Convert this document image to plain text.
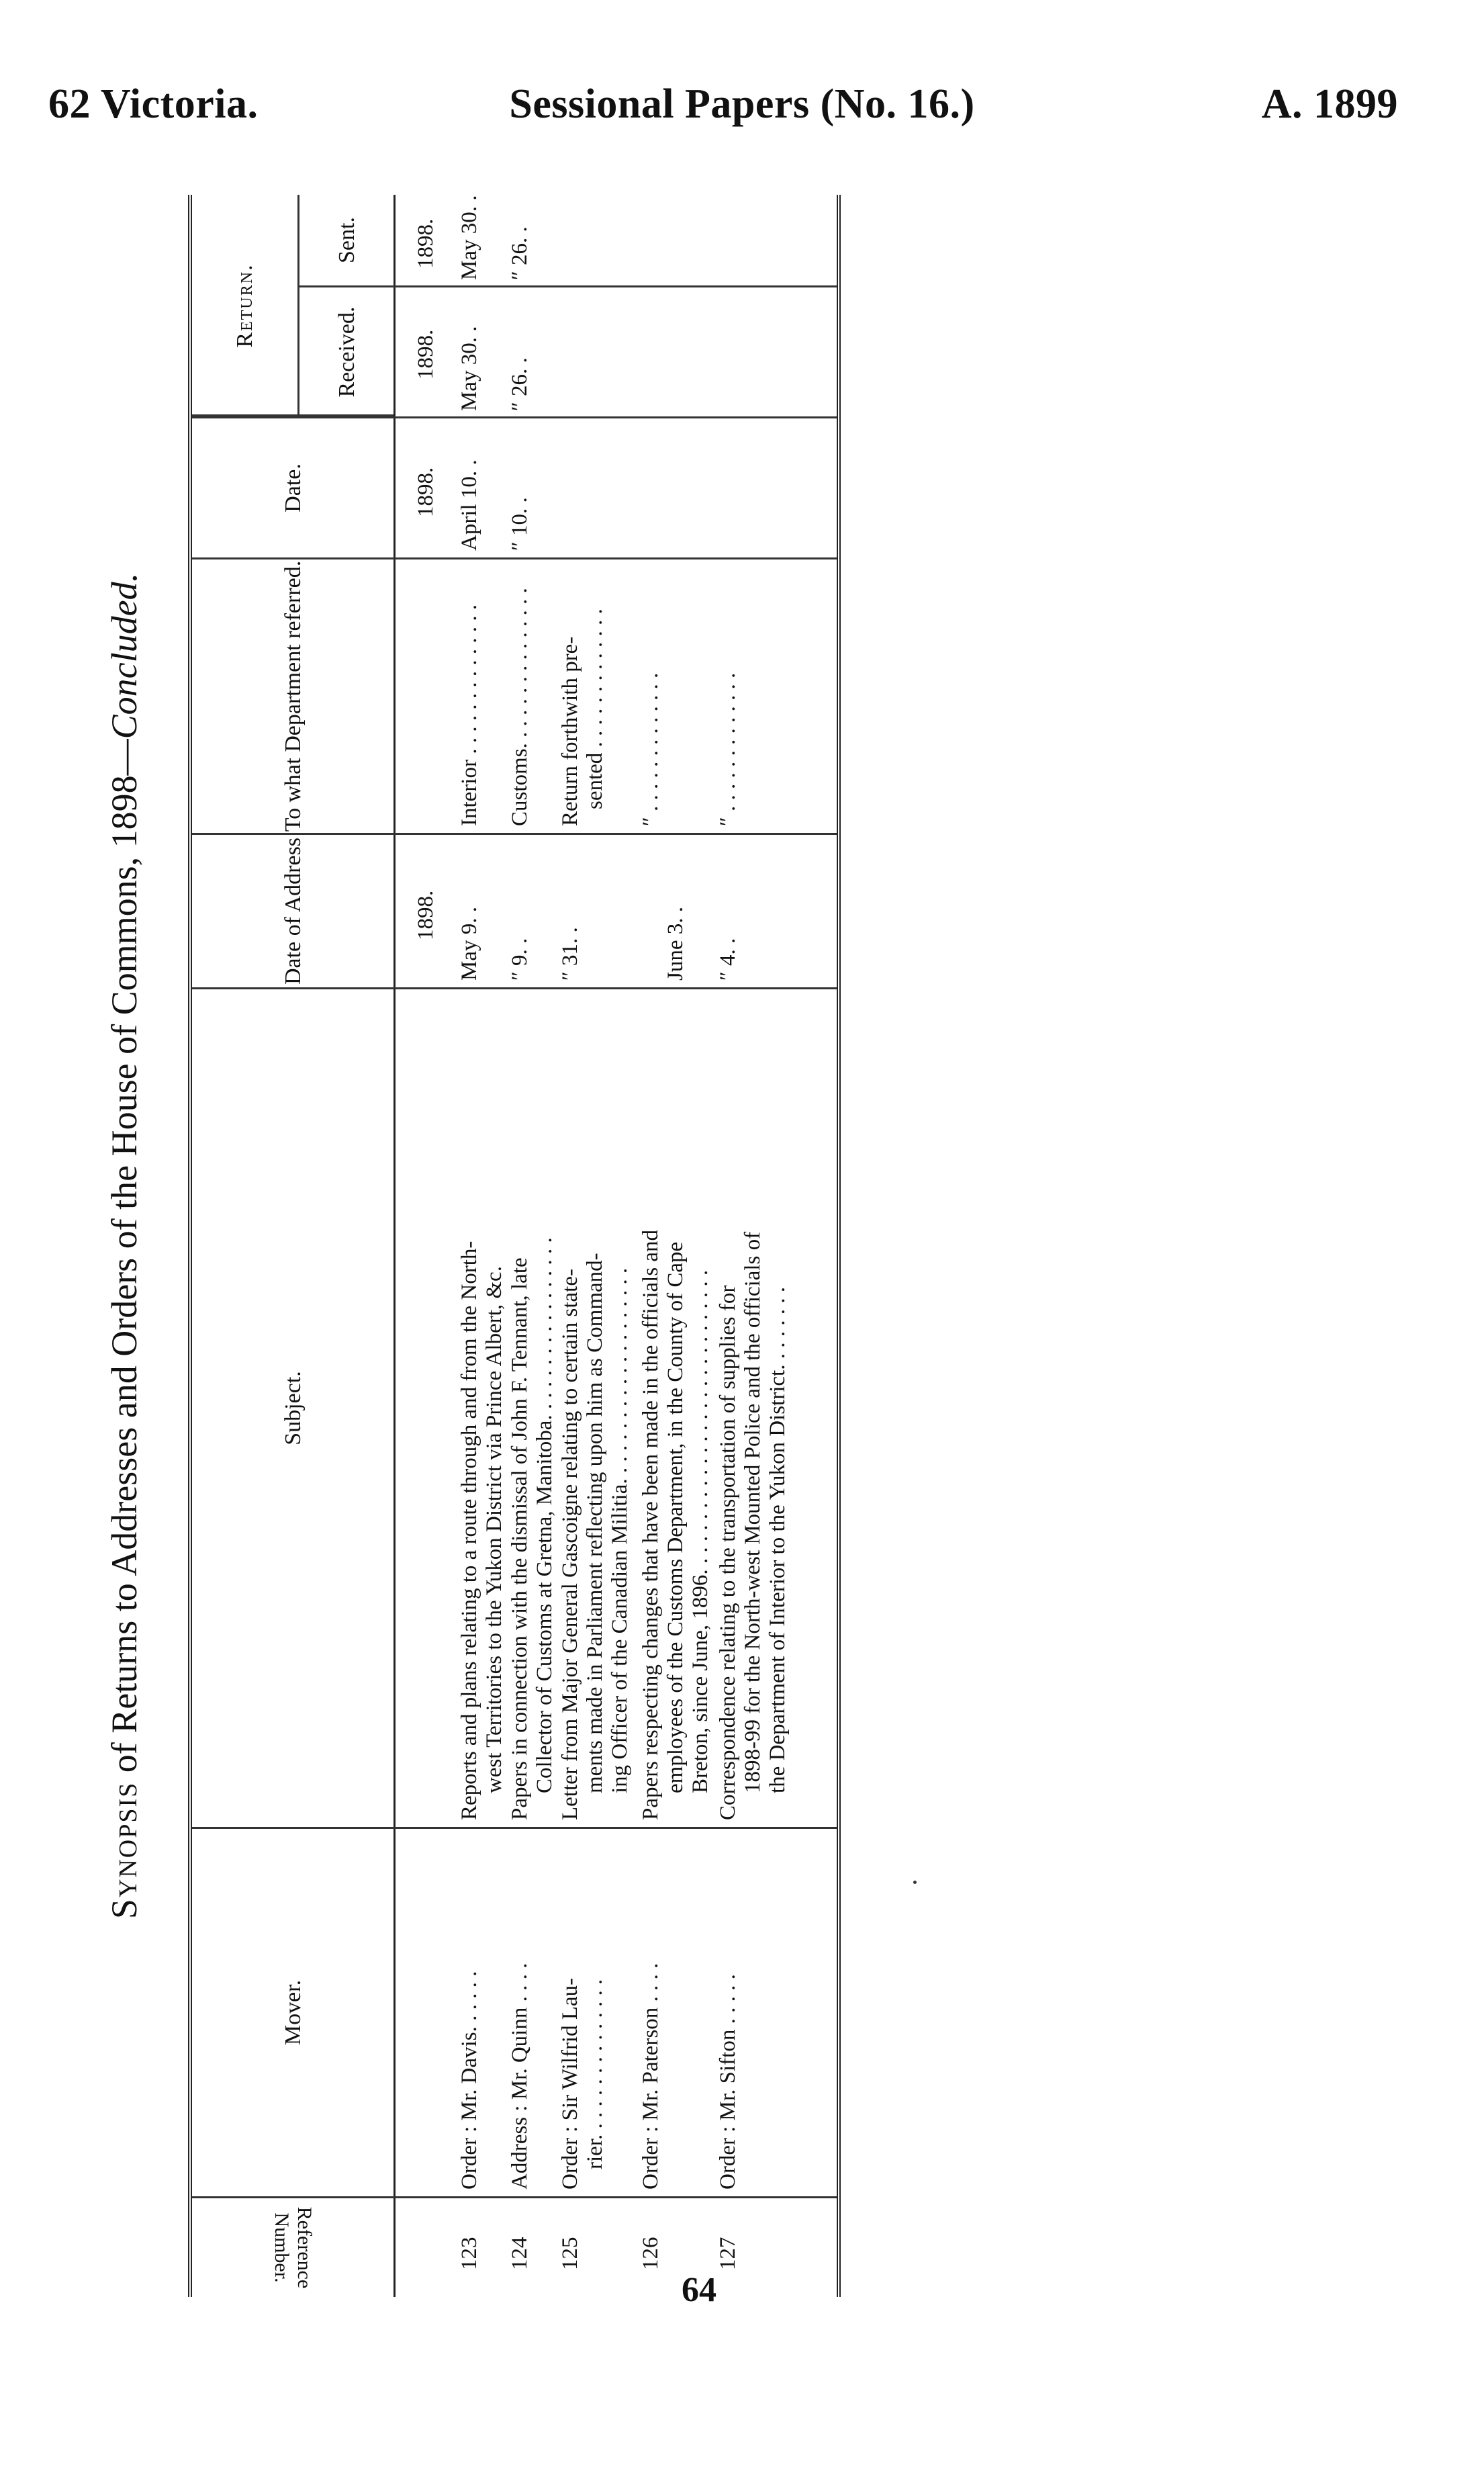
62 Victoria.	Sessional Papers (No. 16.)	A. 1899
Synopsis of Returns to Addresses and Orders of the House of Commons, 1898—Concluded.
Reference Number.
Mover.
Subject.
Date of Address
To what Department referred.
Date.
Return.
Received.
Sent.
1898.
1898.
1898.
1898.
123
Order : Mr. Davis. . . . . .
Reports and plans relating to a route through and from the North- west Territories to the Yukon District via Prince Albert, &c.
May 9. .
Interior . . . . . . . . . . . . . .
April 10. .
May 30. .
May 30. .
124
Address : Mr. Quinn . . . .
Papers in connection with the dismissal of John F. Tennant, late Collector of Customs at Gretna, Manitoba. . . . . . . . . . . . . . . . .
″ 9. .
Customs. . . . . . . . . . . . . . .
″ 10. .
″ 26. .
″ 26. .
125
Order : Sir Wilfrid Lau- rier. . . . . . . . . . . . . . .
Letter from Major General Gascoigne relating to certain state- ments made in Parliament reflecting upon him as Command- ing Officer of the Canadian Militia. . . . . . . . . . . . . . . . . . . .
″ 31. .
Return forthwith pre- sented . . . . . . . . . . . . .
126
Order : Mr. Paterson . . . .
Papers respecting changes that have been made in the officials and employees of the Customs Department, in the County of Cape Breton, since June, 1896. . . . . . . . . . . . . . . . . . . . . . . . . . . .
June 3. .
″ . . . . . . . . . . . . .
127
Order : Mr. Sifton . . . . .
Correspondence relating to the transportation of supplies for 1898-99 for the North-west Mounted Police and the officials of the Department of Interior to the Yukon District. . . . . . . .
″ 4. .
″ . . . . . . . . . . . . .
64
